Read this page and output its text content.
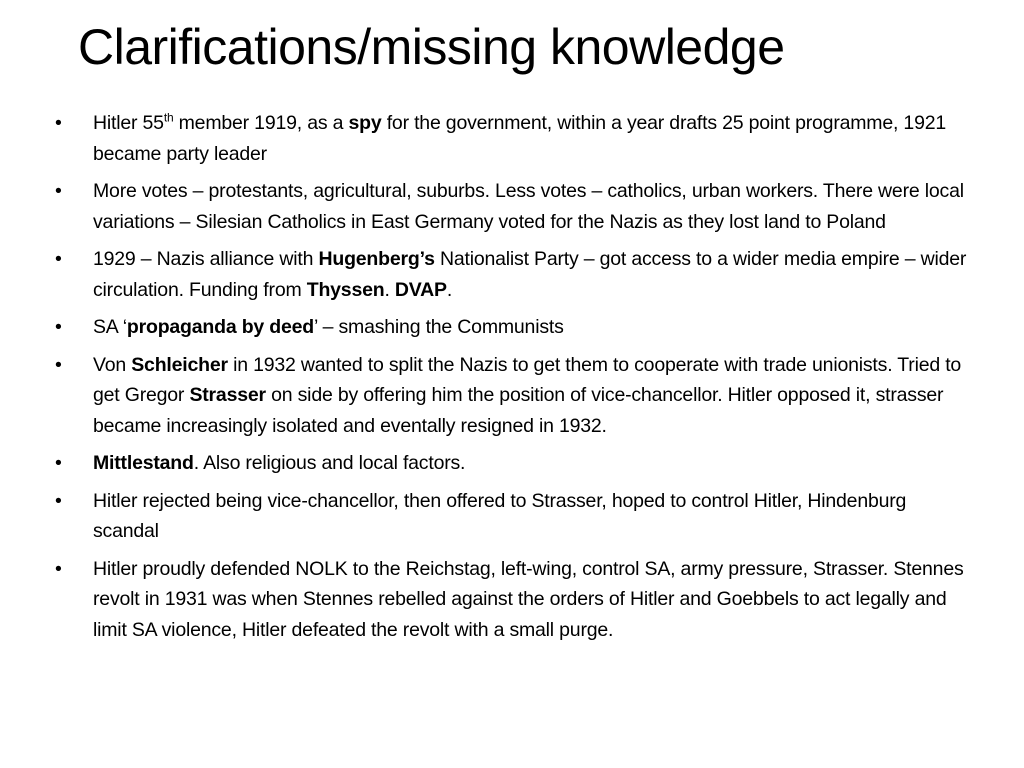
Clarifications/missing knowledge
•	Hitler 55th member 1919, as a spy for the government, within a year drafts 25 point programme, 1921 became party leader
•	More votes – protestants, agricultural, suburbs. Less votes – catholics, urban workers. There were local variations – Silesian Catholics in East Germany voted for the Nazis as they lost land to Poland
•	1929 – Nazis alliance with Hugenberg’s Nationalist Party – got access to a wider media empire – wider circulation. Funding from Thyssen. DVAP.
•	SA ‘propaganda by deed’ – smashing the Communists
•	Von Schleicher in 1932 wanted to split the Nazis to get them to cooperate with trade unionists. Tried to get Gregor Strasser on side by offering him the position of vice-chancellor. Hitler opposed it, strasser became increasingly isolated and eventally resigned in 1932.
•	Mittlestand. Also religious and local factors.
•	Hitler rejected being vice-chancellor, then offered to Strasser, hoped to control Hitler, Hindenburg scandal
•	Hitler proudly defended NOLK to the Reichstag, left-wing, control SA, army pressure, Strasser. Stennes revolt in 1931 was when Stennes rebelled against the orders of Hitler and Goebbels to act legally and limit SA violence, Hitler defeated the revolt with a small purge.
